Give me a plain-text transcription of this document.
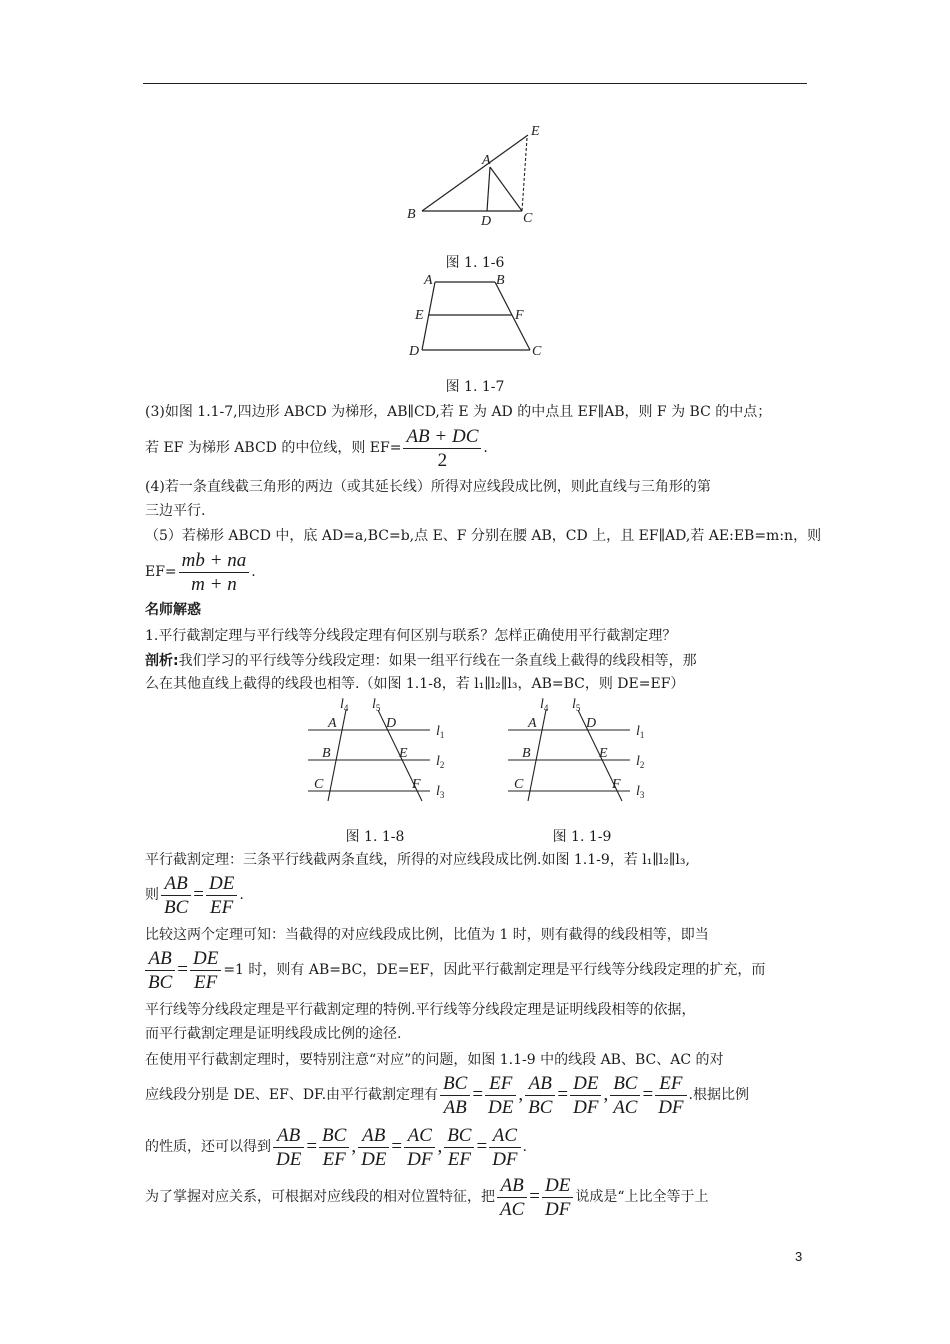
E
A
B	D C
图 1. 1-6
A	B
E	F
D	C
图 1. 1-7
(3)如图 1.1-7,四边形 ABCD 为梯形，AB∥CD,若 E 为 AD 的中点且 EF∥AB，则 F 为 BC 的中点；
若 EF 为梯形 ABCD 的中位线，则 $EF= \frac{AB + DC}{2}$ .
(4)若一条直线截三角形的两边（或其延长线）所得对应线段成比例，则此直线与三角形的第
三边平行.
（5）若梯形 ABCD 中，底 AD=a,BC=b,点 E、F 分别在腰 AB，CD 上，且 EF∥AD,若 AE:EB=m:n，则
$EF= \frac{mb + na}{m + n}$ .
名师解惑
1.平行截割定理与平行线等分线段定理有何区别与联系？怎样正确使用平行截割定理？
剖析:我们学习的平行线等分线段定理：如果一组平行线在一条直线上截得的线段相等，那
么在其他直线上截得的线段也相等.（如图 1.1-8，若 l₁∥l₂∥l₃，AB=BC，则 DE=EF）
$l_4$ $l_5$
A	D
B	E
C	F
$l_1$
$l_2$
$l_3$
图 1. 1-8
$l_4$ $l_5$
A	D
B	E
C	F
$l_1$
$l_2$
$l_3$
图 1. 1-9
平行截割定理：三条平行线截两条直线，所得的对应线段成比例.如图 1.1-9，若 l₁∥l₂∥l₃,
则 $\frac{AB}{BC} = \frac{DE}{EF}$ .
比较这两个定理可知：当截得的对应线段成比例，比值为 1 时，则有截得的线段相等，即当
$\frac{AB}{BC} = \frac{DE}{EF} =1$ 时，则有 AB=BC，DE=EF，因此平行截割定理是平行线等分线段定理的扩充，而
平行线等分线段定理是平行截割定理的特例.平行线等分线段定理是证明线段相等的依据，
而平行截割定理是证明线段成比例的途径.
在使用平行截割定理时，要特别注意“对应”的问题，如图 1.1-9 中的线段 AB、BC、AC 的对
应线段分别是 DE、EF、DF.由平行截割定理有 $\frac{BC}{AB} = \frac{EF}{DE}$ , $\frac{AB}{BC} = \frac{DE}{DF}$ , $\frac{BC}{AC} = \frac{EF}{DF}$ .根据比例
的性质，还可以得到 $\frac{AB}{DE} = \frac{BC}{EF}$ , $\frac{AB}{DE} = \frac{AC}{DF}$ , $\frac{BC}{EF} = \frac{AC}{DF}$ .
为了掌握对应关系，可根据对应线段的相对位置特征，把 $\frac{AB}{AC} = \frac{DE}{DF}$ 说成是“上比全等于上
3
